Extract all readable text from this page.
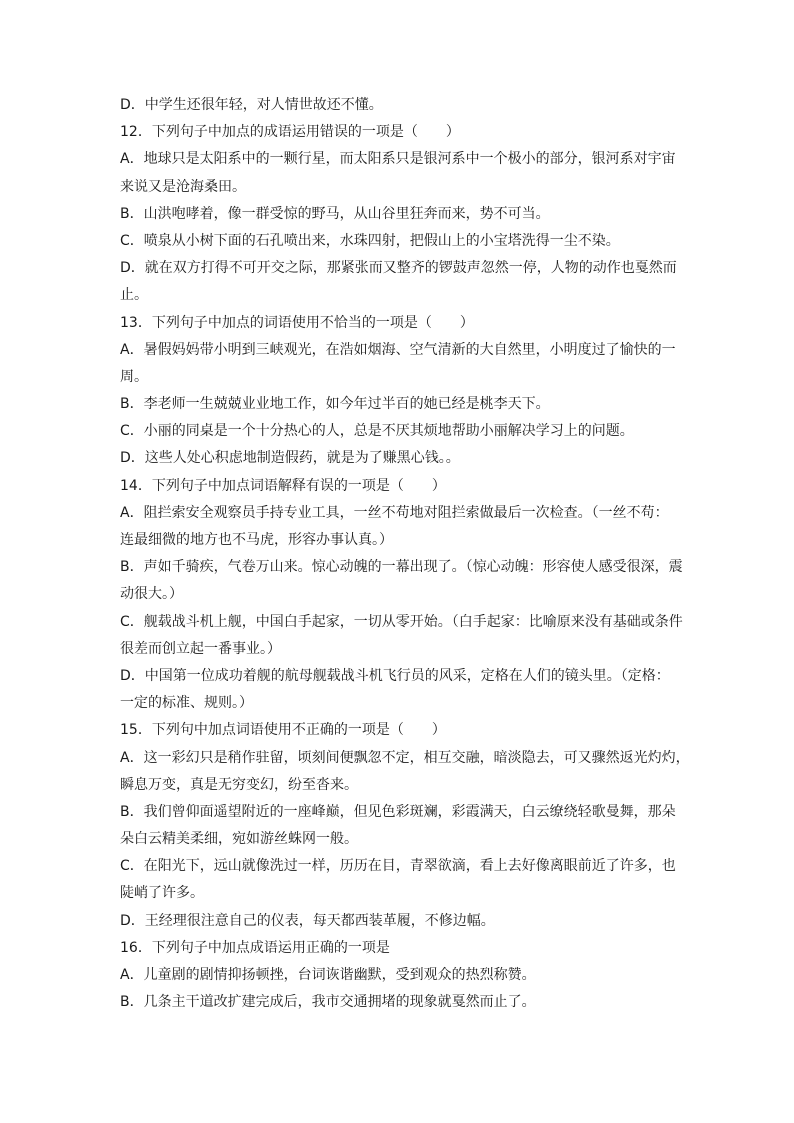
D．中学生还很年轻，对人情世故还不懂。
12．下列句子中加点的成语运用错误的一项是（　　）
A．地球只是太阳系中的一颗行星，而太阳系只是银河系中一个极小的部分，银河系对宇宙
来说又是沧海桑田。
B．山洪咆哮着，像一群受惊的野马，从山谷里狂奔而来，势不可当。
C．喷泉从小树下面的石孔喷出来，水珠四射，把假山上的小宝塔洗得一尘不染。
D．就在双方打得不可开交之际，那紧张而又整齐的锣鼓声忽然一停，人物的动作也戛然而
止。
13．下列句子中加点的词语使用不恰当的一项是（　　）
A．暑假妈妈带小明到三峡观光，在浩如烟海、空气清新的大自然里，小明度过了愉快的一
周。
B．李老师一生兢兢业业地工作，如今年过半百的她已经是桃李天下。
C．小丽的同桌是一个十分热心的人，总是不厌其烦地帮助小丽解决学习上的问题。
D．这些人处心积虑地制造假药，就是为了赚黑心钱。。
14．下列句子中加点词语解释有误的一项是（　　）
A．阻拦索安全观察员手持专业工具，一丝不苟地对阻拦索做最后一次检查。（一丝不苟：
连最细微的地方也不马虎，形容办事认真。）
B．声如千骑疾，气卷万山来。惊心动魄的一幕出现了。（惊心动魄：形容使人感受很深，震
动很大。）
C．舰载战斗机上舰，中国白手起家，一切从零开始。（白手起家：比喻原来没有基础或条件
很差而创立起一番事业。）
D．中国第一位成功着舰的航母舰载战斗机飞行员的风采，定格在人们的镜头里。（定格：
一定的标准、规则。）
15．下列句中加点词语使用不正确的一项是（　　）
A．这一彩幻只是稍作驻留，顷刻间便飘忽不定，相互交融，暗淡隐去，可又骤然返光灼灼，
瞬息万变，真是无穷变幻，纷至沓来。
B．我们曾仰面遥望附近的一座峰巅，但见色彩斑斓，彩霞满天，白云缭绕轻歌曼舞，那朵
朵白云精美柔细，宛如游丝蛛网一般。
C．在阳光下，远山就像洗过一样，历历在目，青翠欲滴，看上去好像离眼前近了许多，也
陡峭了许多。
D．王经理很注意自己的仪表，每天都西装革履，不修边幅。
16．下列句子中加点成语运用正确的一项是
A．儿童剧的剧情抑扬顿挫，台词诙谐幽默，受到观众的热烈称赞。
B．几条主干道改扩建完成后，我市交通拥堵的现象就戛然而止了。
